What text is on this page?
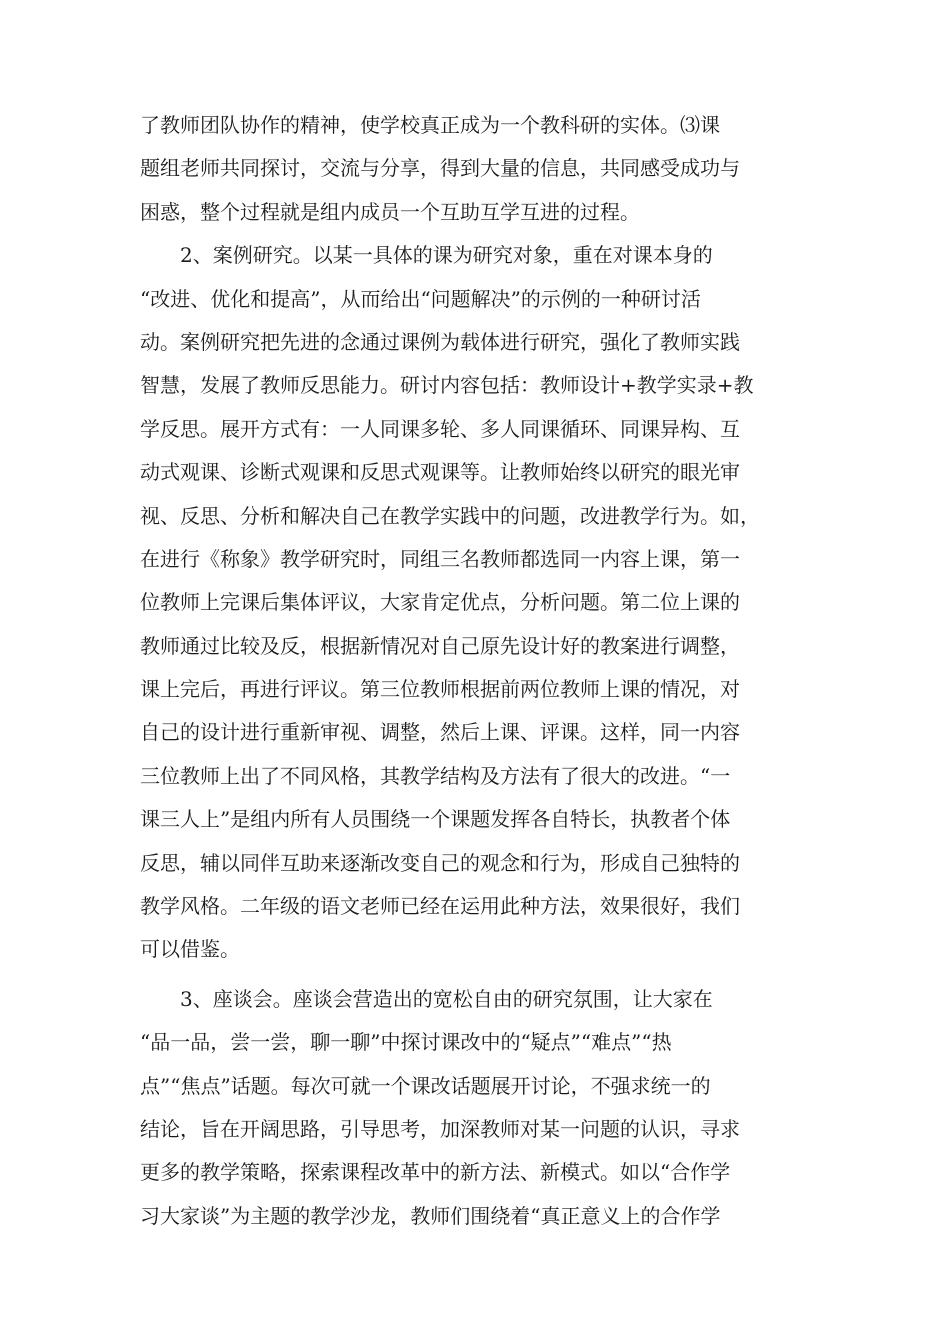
了教师团队协作的精神，使学校真正成为一个教科研的实体。⑶课
题组老师共同探讨，交流与分享，得到大量的信息，共同感受成功与
困惑，整个过程就是组内成员一个互助互学互进的过程。
2、案例研究。以某一具体的课为研究对象，重在对课本身的
“改进、优化和提高”，从而给出“问题解决”的示例的一种研讨活
动。案例研究把先进的念通过课例为载体进行研究，强化了教师实践
智慧，发展了教师反思能力。研讨内容包括：教师设计+教学实录+教
学反思。展开方式有：一人同课多轮、多人同课循环、同课异构、互
动式观课、诊断式观课和反思式观课等。让教师始终以研究的眼光审
视、反思、分析和解决自己在教学实践中的问题，改进教学行为。如，
在进行《称象》教学研究时，同组三名教师都选同一内容上课，第一
位教师上完课后集体评议，大家肯定优点，分析问题。第二位上课的
教师通过比较及反，根据新情况对自己原先设计好的教案进行调整，
课上完后，再进行评议。第三位教师根据前两位教师上课的情况，对
自己的设计进行重新审视、调整，然后上课、评课。这样，同一内容
三位教师上出了不同风格，其教学结构及方法有了很大的改进。“一
课三人上”是组内所有人员围绕一个课题发挥各自特长，执教者个体
反思，辅以同伴互助来逐渐改变自己的观念和行为，形成自己独特的
教学风格。二年级的语文老师已经在运用此种方法，效果很好，我们
可以借鉴。
3、座谈会。座谈会营造出的宽松自由的研究氛围，让大家在
“品一品，尝一尝，聊一聊”中探讨课改中的“疑点”“难点”“热
点”“焦点”话题。每次可就一个课改话题展开讨论，不强求统一的
结论，旨在开阔思路，引导思考，加深教师对某一问题的认识，寻求
更多的教学策略，探索课程改革中的新方法、新模式。如以“合作学
习大家谈”为主题的教学沙龙，教师们围绕着“真正意义上的合作学
